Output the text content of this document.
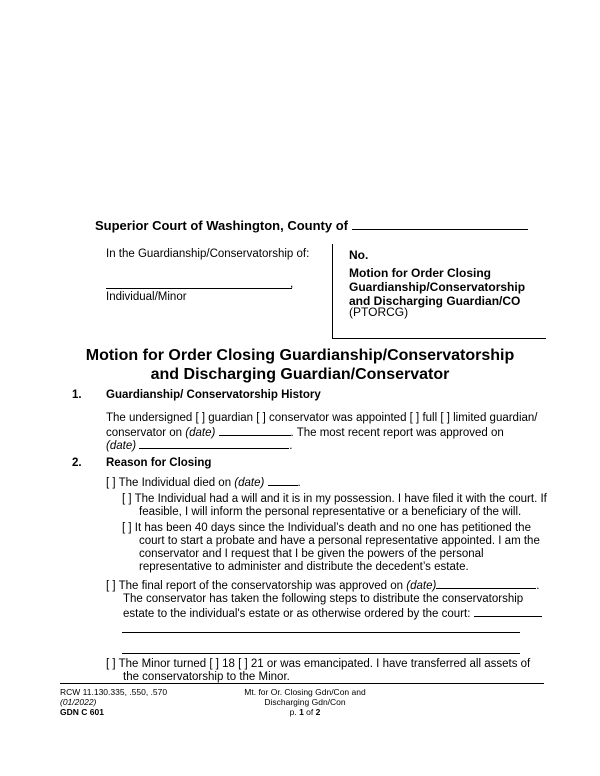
Superior Court of Washington, County of
In the Guardianship/Conservatorship of:
,
Individual/Minor
No.
Motion for Order Closing
Guardianship/Conservatorship
and Discharging Guardian/CO
(PTORCG)
Motion for Order Closing Guardianship/Conservatorship
and Discharging Guardian/Conservator
1. Guardianship/ Conservatorship History
The undersigned [ ] guardian [ ] conservator was appointed [ ] full [ ] limited guardian/
conservator on (date)	. The most recent report was approved on
(date)	.
2. Reason for Closing
[ ] The Individual died on (date)	.
[ ] The Individual had a will and it is in my possession. I have filed it with the court. If
feasible, I will inform the personal representative or a beneficiary of the will.
[ ] It has been 40 days since the Individual’s death and no one has petitioned the
court to start a probate and have a personal representative appointed. I am the
conservator and I request that I be given the powers of the personal
representative to administer and distribute the decedent’s estate.
[ ] The final report of the conservatorship was approved on (date)	.
The conservator has taken the following steps to distribute the conservatorship
estate to the individual's estate or as otherwise ordered by the court:
[ ] The Minor turned [ ] 18 [ ] 21 or was emancipated. I have transferred all assets of
the conservatorship to the Minor.
RCW 11.130.335, .550, .570
(01/2022)
GDN C 601
Mt. for Or. Closing Gdn/Con and
Discharging Gdn/Con
p. 1 of 2
